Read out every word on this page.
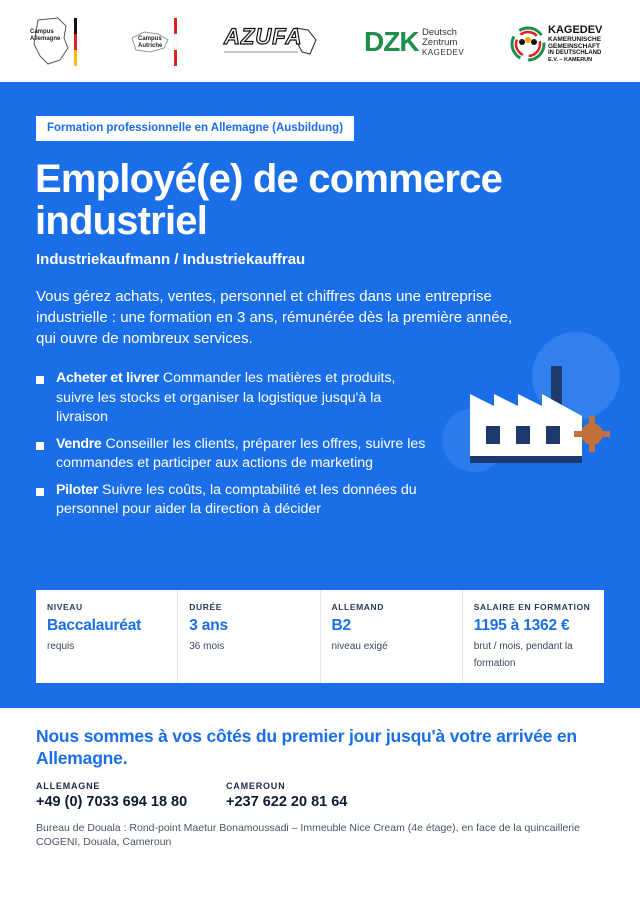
Campus Allemagne	Campus Autriche	AZUFA DZK Deutsch
Zentrum
KAGEDEV
KAGEDEV
KAMERUNISCHE
GEMEINSCHAFT
IN DEUTSCHLAND
E.V. – KAMERUN
Formation professionnelle en Allemagne (Ausbildung)
Employé(e) de commerce industriel
Industriekaufmann / Industriekauffrau

Vous gérez achats, ventes, personnel et chiffres dans une entreprise industrielle : une formation en 3 ans, rémunérée dès la première année, qui ouvre de nombreux services.

Acheter et livrer Commander les matières et produits, suivre les stocks et organiser la logistique jusqu'à la livraison
Vendre Conseiller les clients, préparer les offres, suivre les commandes et participer aux actions de marketing
Piloter Suivre les coûts, la comptabilité et les données du personnel pour aider la direction à décider
NIVEAU
Baccalauréat
requis
DURÉE
3 ans
36 mois
ALLEMAND
B2
niveau exigé
SALAIRE EN FORMATION
1195 à 1362 €
brut / mois, pendant la formation
Nous sommes à vos côtés du premier jour jusqu'à votre arrivée en Allemagne.
ALLEMAGNE
+49 (0) 7033 694 18 80
CAMEROUN
+237 622 20 81 64

Bureau de Douala : Rond-point Maetur Bonamoussadi – Immeuble Nice Cream (4e étage), en face de la quincaillerie COGENI, Douala, Cameroun
